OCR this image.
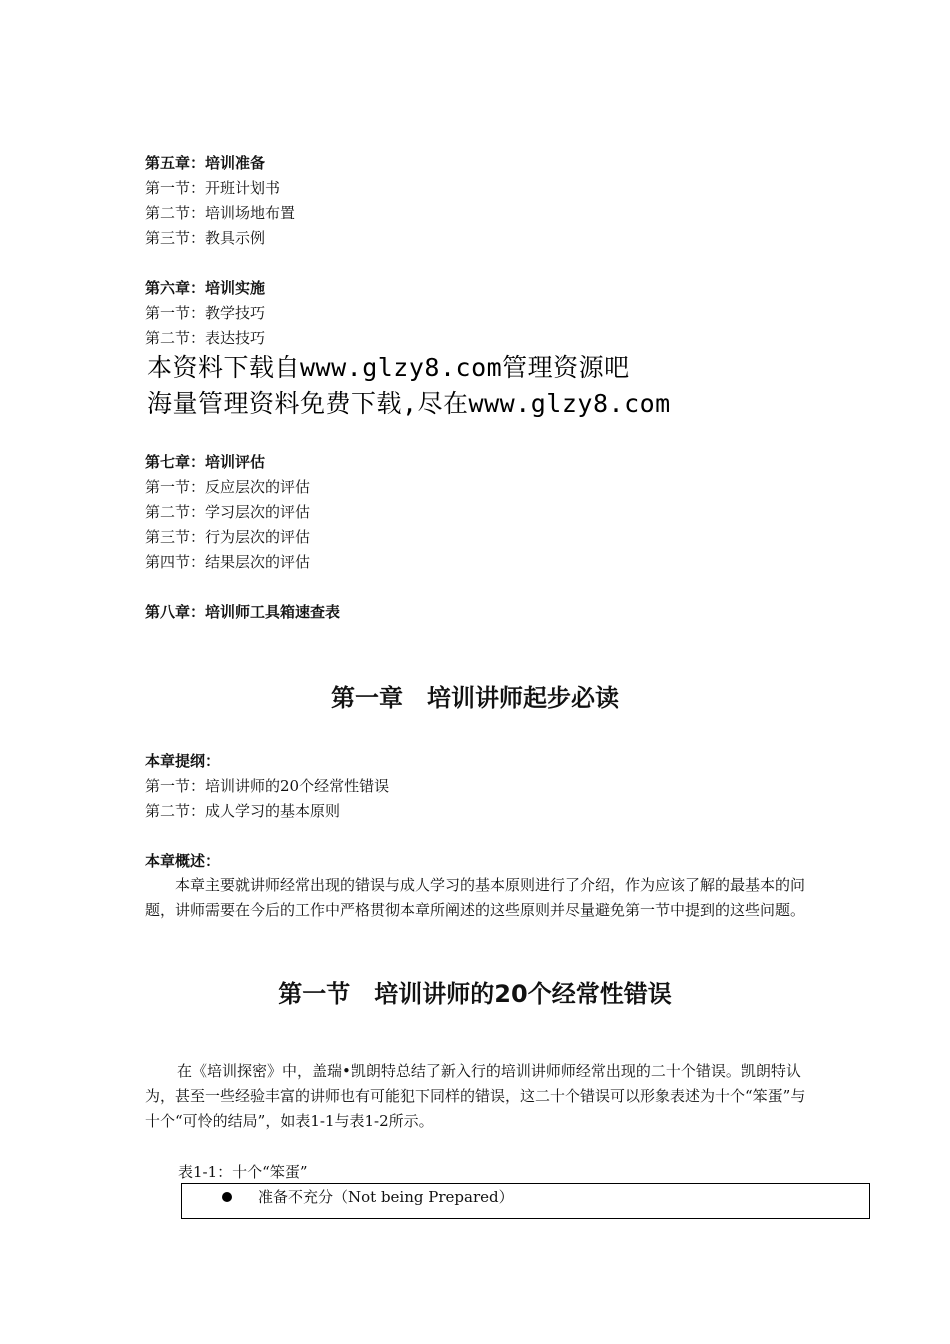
第五章：培训准备
第一节：开班计划书
第二节：培训场地布置
第三节：教具示例
第六章：培训实施
第一节：教学技巧
第二节：表达技巧
本资料下载自www.glzy8.com管理资源吧
海量管理资料免费下载,尽在www.glzy8.com
第七章：培训评估
第一节：反应层次的评估
第二节：学习层次的评估
第三节：行为层次的评估
第四节：结果层次的评估
第八章：培训师工具箱速查表
第一章　培训讲师起步必读
本章提纲：
第一节：培训讲师的20个经常性错误
第二节：成人学习的基本原则
本章概述：
本章主要就讲师经常出现的错误与成人学习的基本原则进行了介绍，作为应该了解的最基本的问题，讲师需要在今后的工作中严格贯彻本章所阐述的这些原则并尽量避免第一节中提到的这些问题。
第一节　培训讲师的20个经常性错误
在《培训探密》中，盖瑞•凯朗特总结了新入行的培训讲师师经常出现的二十个错误。凯朗特认为，甚至一些经验丰富的讲师也有可能犯下同样的错误，这二十个错误可以形象表述为十个“笨蛋”与十个“可怜的结局”，如表1-1与表1-2所示。
表1-1：十个“笨蛋”
准备不充分（Not being Prepared）
